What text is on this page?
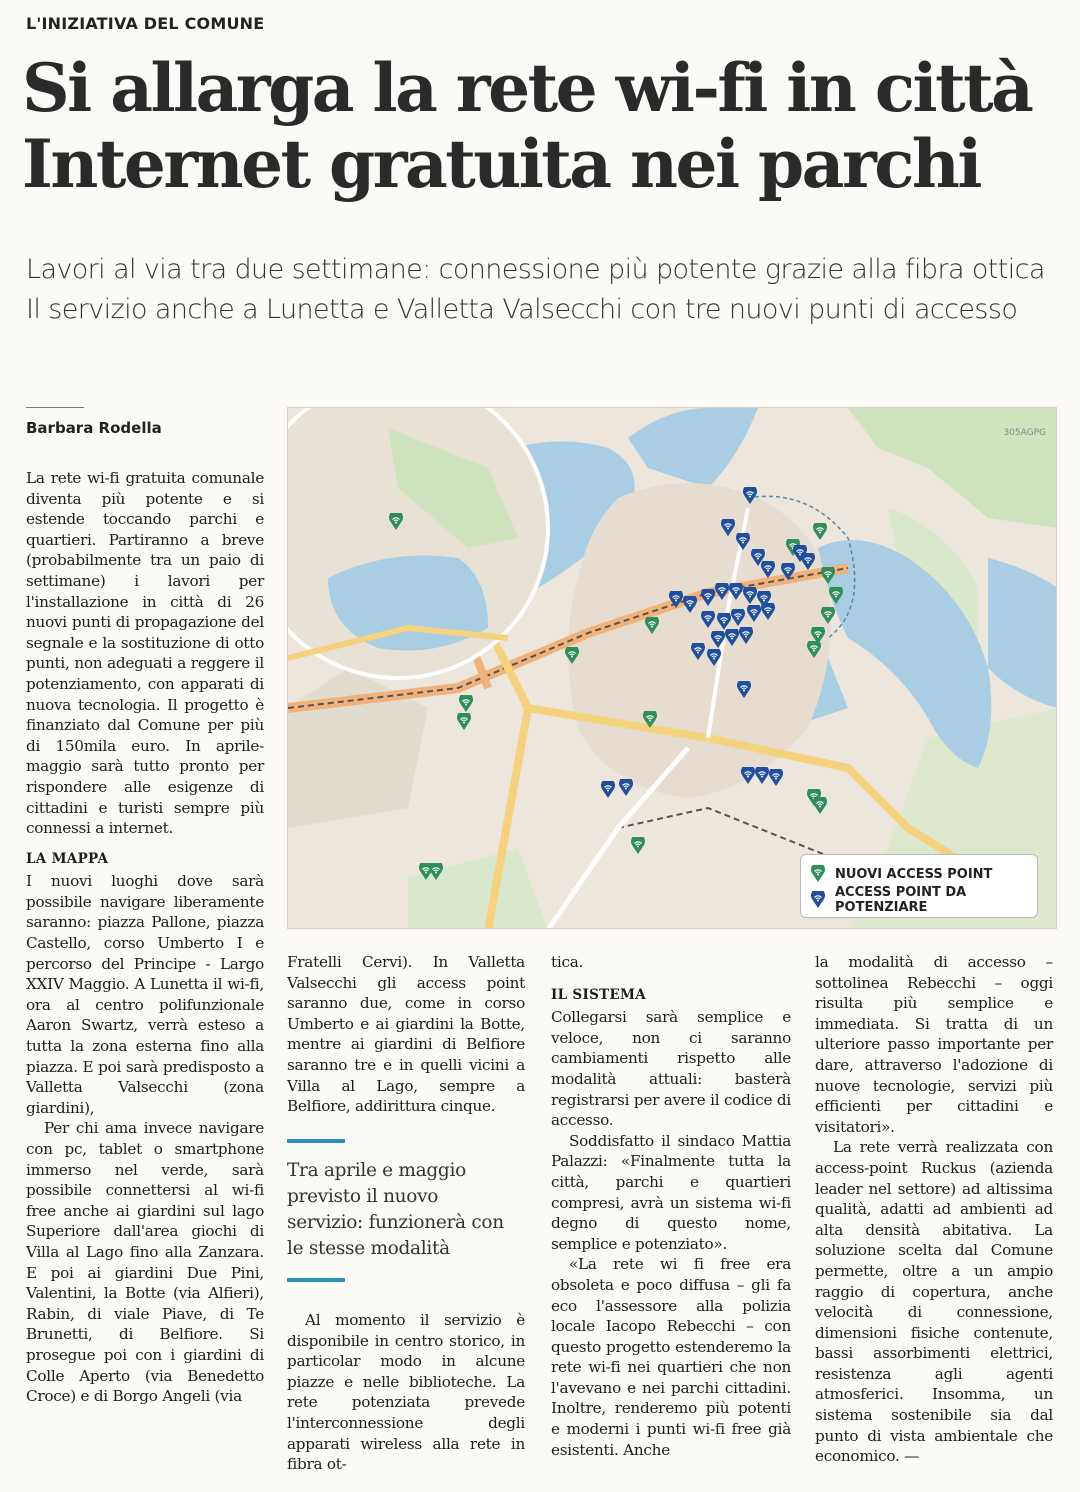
L'INIZIATIVA DEL COMUNE
Si allarga la rete wi-fi in città
Internet gratuita nei parchi
Lavori al via tra due settimane: connessione più potente grazie alla fibra ottica
Il servizio anche a Lunetta e Valletta Valsecchi con tre nuovi punti di accesso
Barbara Rodella

La rete wi-fi gratuita comunale diventa più potente e si estende toccando parchi e quartieri. Partiranno a breve (probabilmente tra un paio di settimane) i lavori per l'installazione in città di 26 nuovi punti di propagazione del segnale e la sostituzione di otto punti, non adeguati a reggere il potenziamento, con apparati di nuova tecnologia. Il progetto è finanziato dal Comune per più di 150mila euro. In aprile-maggio sarà tutto pronto per rispondere alle esigenze di cittadini e turisti sempre più connessi a internet.

LA MAPPA

I nuovi luoghi dove sarà possibile navigare liberamente saranno: piazza Pallone, piazza Castello, corso Umberto I e percorso del Principe - Largo XXIV Maggio. A Lunetta il wi-fi, ora al centro polifunzionale Aaron Swartz, verrà esteso a tutta la zona esterna fino alla piazza. E poi sarà predisposto a Valletta Valsecchi (zona giardini),

Per chi ama invece navigare con pc, tablet o smartphone immerso nel verde, sarà possibile connettersi al wi-fi free anche ai giardini sul lago Superiore dall'area giochi di Villa al Lago fino alla Zanzara. E poi ai giardini Due Pini, Valentini, la Botte (via Alfieri), Rabin, di viale Piave, di Te Brunetti, di Belfiore. Si prosegue poi con i giardini di Colle Aperto (via Benedetto Croce) e di Borgo Angeli (via

305AGPG
NUOVI ACCESS POINT
ACCESS POINT DA POTENZIARE

Fratelli Cervi). In Valletta Valsecchi gli access point saranno due, come in corso Umberto e ai giardini la Botte, mentre ai giardini di Belfiore saranno tre e in quelli vicini a Villa al Lago, sempre a Belfiore, addirittura cinque.

Tra aprile e maggio previsto il nuovo servizio: funzionerà con le stesse modalità

Al momento il servizio è disponibile in centro storico, in particolar modo in alcune piazze e nelle biblioteche. La rete potenziata prevede l'interconnessione degli apparati wireless alla rete in fibra ot-

tica.

IL SISTEMA

Collegarsi sarà semplice e veloce, non ci saranno cambiamenti rispetto alle modalità attuali: basterà registrarsi per avere il codice di accesso.

Soddisfatto il sindaco Mattia Palazzi: «Finalmente tutta la città, parchi e quartieri compresi, avrà un sistema wi-fi degno di questo nome, semplice e potenziato».

«La rete wi fi free era obsoleta e poco diffusa – gli fa eco l'assessore alla polizia locale Iacopo Rebecchi – con questo progetto estenderemo la rete wi-fi nei quartieri che non l'avevano e nei parchi cittadini. Inoltre, renderemo più potenti e moderni i punti wi-fi free già esistenti. Anche

la modalità di accesso – sottolinea Rebecchi – oggi risulta più semplice e immediata. Si tratta di un ulteriore passo importante per dare, attraverso l'adozione di nuove tecnologie, servizi più efficienti per cittadini e visitatori».

La rete verrà realizzata con access-point Ruckus (azienda leader nel settore) ad altissima qualità, adatti ad ambienti ad alta densità abitativa. La soluzione scelta dal Comune permette, oltre a un ampio raggio di copertura, anche velocità di connessione, dimensioni fisiche contenute, bassi assorbimenti elettrici, resistenza agli agenti atmosferici. Insomma, un sistema sostenibile sia dal punto di vista ambientale che economico. —
